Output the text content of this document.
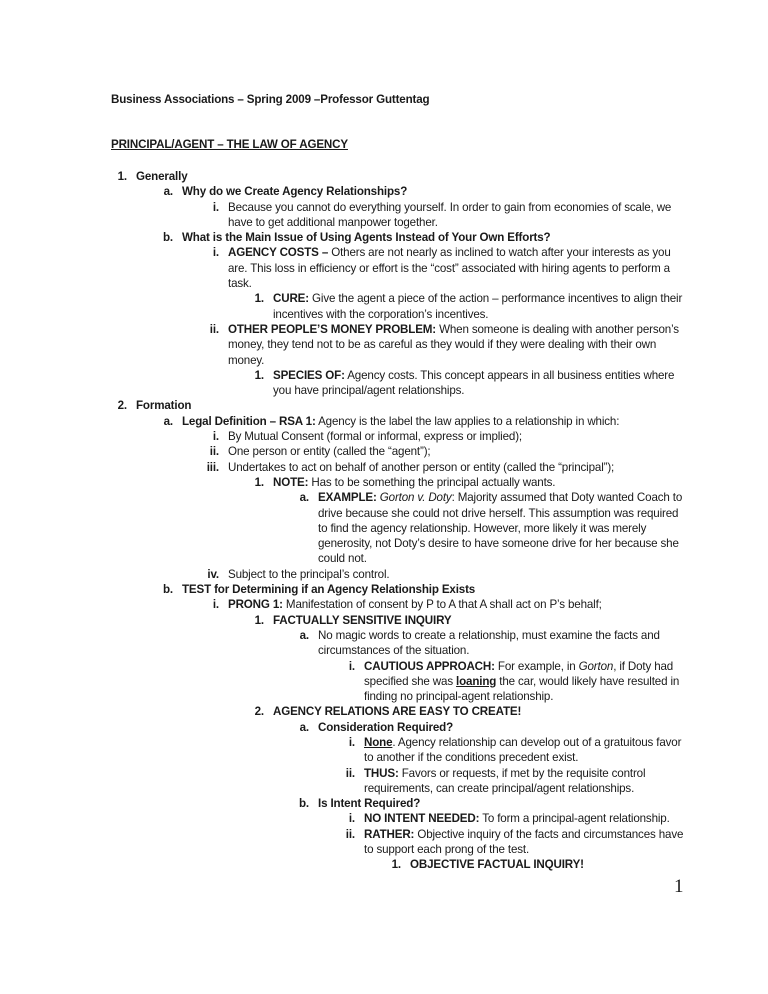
Business Associations – Spring 2009 –Professor Guttentag
PRINCIPAL/AGENT – THE LAW OF AGENCY
1. Generally
a. Why do we Create Agency Relationships?
i. Because you cannot do everything yourself. In order to gain from economies of scale, we have to get additional manpower together.
b. What is the Main Issue of Using Agents Instead of Your Own Efforts?
i. AGENCY COSTS – Others are not nearly as inclined to watch after your interests as you are. This loss in efficiency or effort is the “cost” associated with hiring agents to perform a task.
1. CURE: Give the agent a piece of the action – performance incentives to align their incentives with the corporation’s incentives.
ii. OTHER PEOPLE’S MONEY PROBLEM: When someone is dealing with another person’s money, they tend not to be as careful as they would if they were dealing with their own money.
1. SPECIES OF: Agency costs. This concept appears in all business entities where you have principal/agent relationships.
2. Formation
a. Legal Definition – RSA 1: Agency is the label the law applies to a relationship in which:
i. By Mutual Consent (formal or informal, express or implied);
ii. One person or entity (called the “agent”);
iii. Undertakes to act on behalf of another person or entity (called the “principal”);
1. NOTE: Has to be something the principal actually wants.
a. EXAMPLE: Gorton v. Doty: Majority assumed that Doty wanted Coach to drive because she could not drive herself. This assumption was required to find the agency relationship. However, more likely it was merely generosity, not Doty’s desire to have someone drive for her because she could not.
iv. Subject to the principal’s control.
b. TEST for Determining if an Agency Relationship Exists
i. PRONG 1: Manifestation of consent by P to A that A shall act on P’s behalf;
1. FACTUALLY SENSITIVE INQUIRY
a. No magic words to create a relationship, must examine the facts and circumstances of the situation.
i. CAUTIOUS APPROACH: For example, in Gorton, if Doty had specified she was loaning the car, would likely have resulted in finding no principal-agent relationship.
2. AGENCY RELATIONS ARE EASY TO CREATE!
a. Consideration Required?
i. None. Agency relationship can develop out of a gratuitous favor to another if the conditions precedent exist.
ii. THUS: Favors or requests, if met by the requisite control requirements, can create principal/agent relationships.
b. Is Intent Required?
i. NO INTENT NEEDED: To form a principal-agent relationship.
ii. RATHER: Objective inquiry of the facts and circumstances have to support each prong of the test.
1. OBJECTIVE FACTUAL INQUIRY!
1
